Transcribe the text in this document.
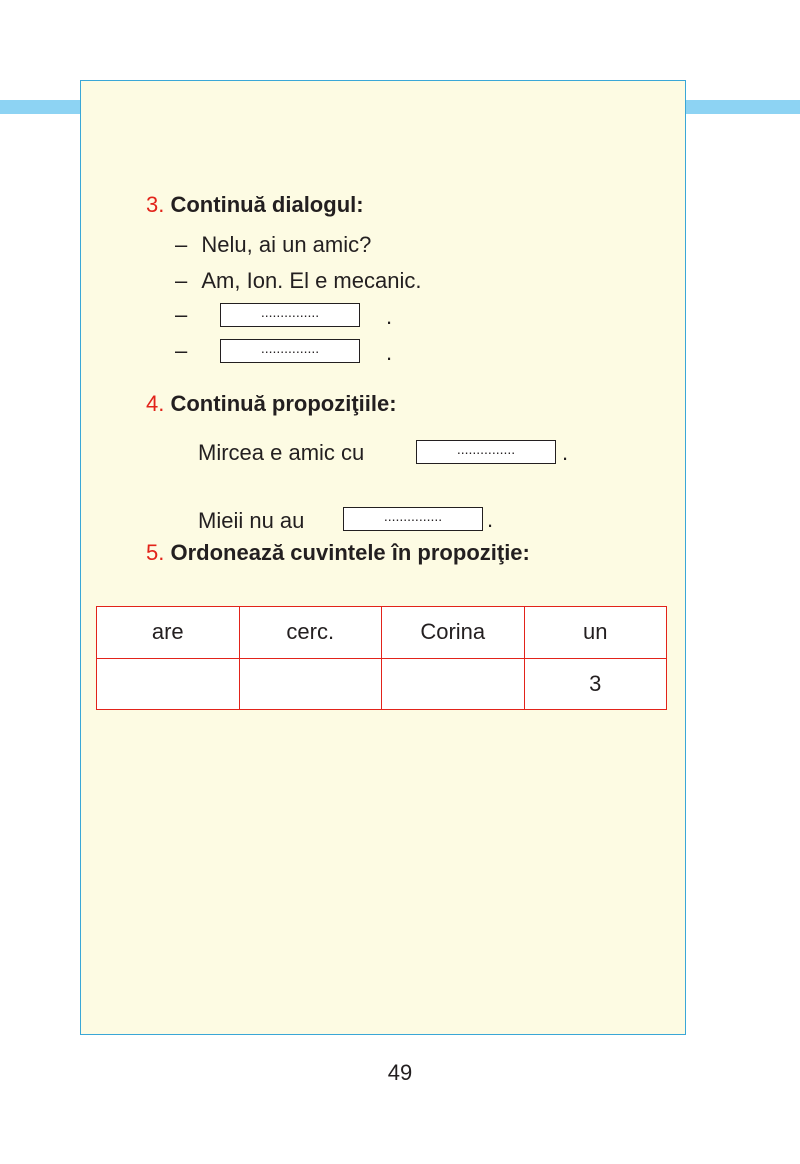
3. Continuă dialogul:
– Nelu, ai un amic?
– Am, Ion. El e mecanic.
–	...............	.
–	...............	.
4. Continuă propoziţiile:
Mircea e amic cu	...............	.
Mieii nu au	...............	.
5. Ordonează cuvintele în propoziţie:
are	cerc.	Corina	un
			3
49
